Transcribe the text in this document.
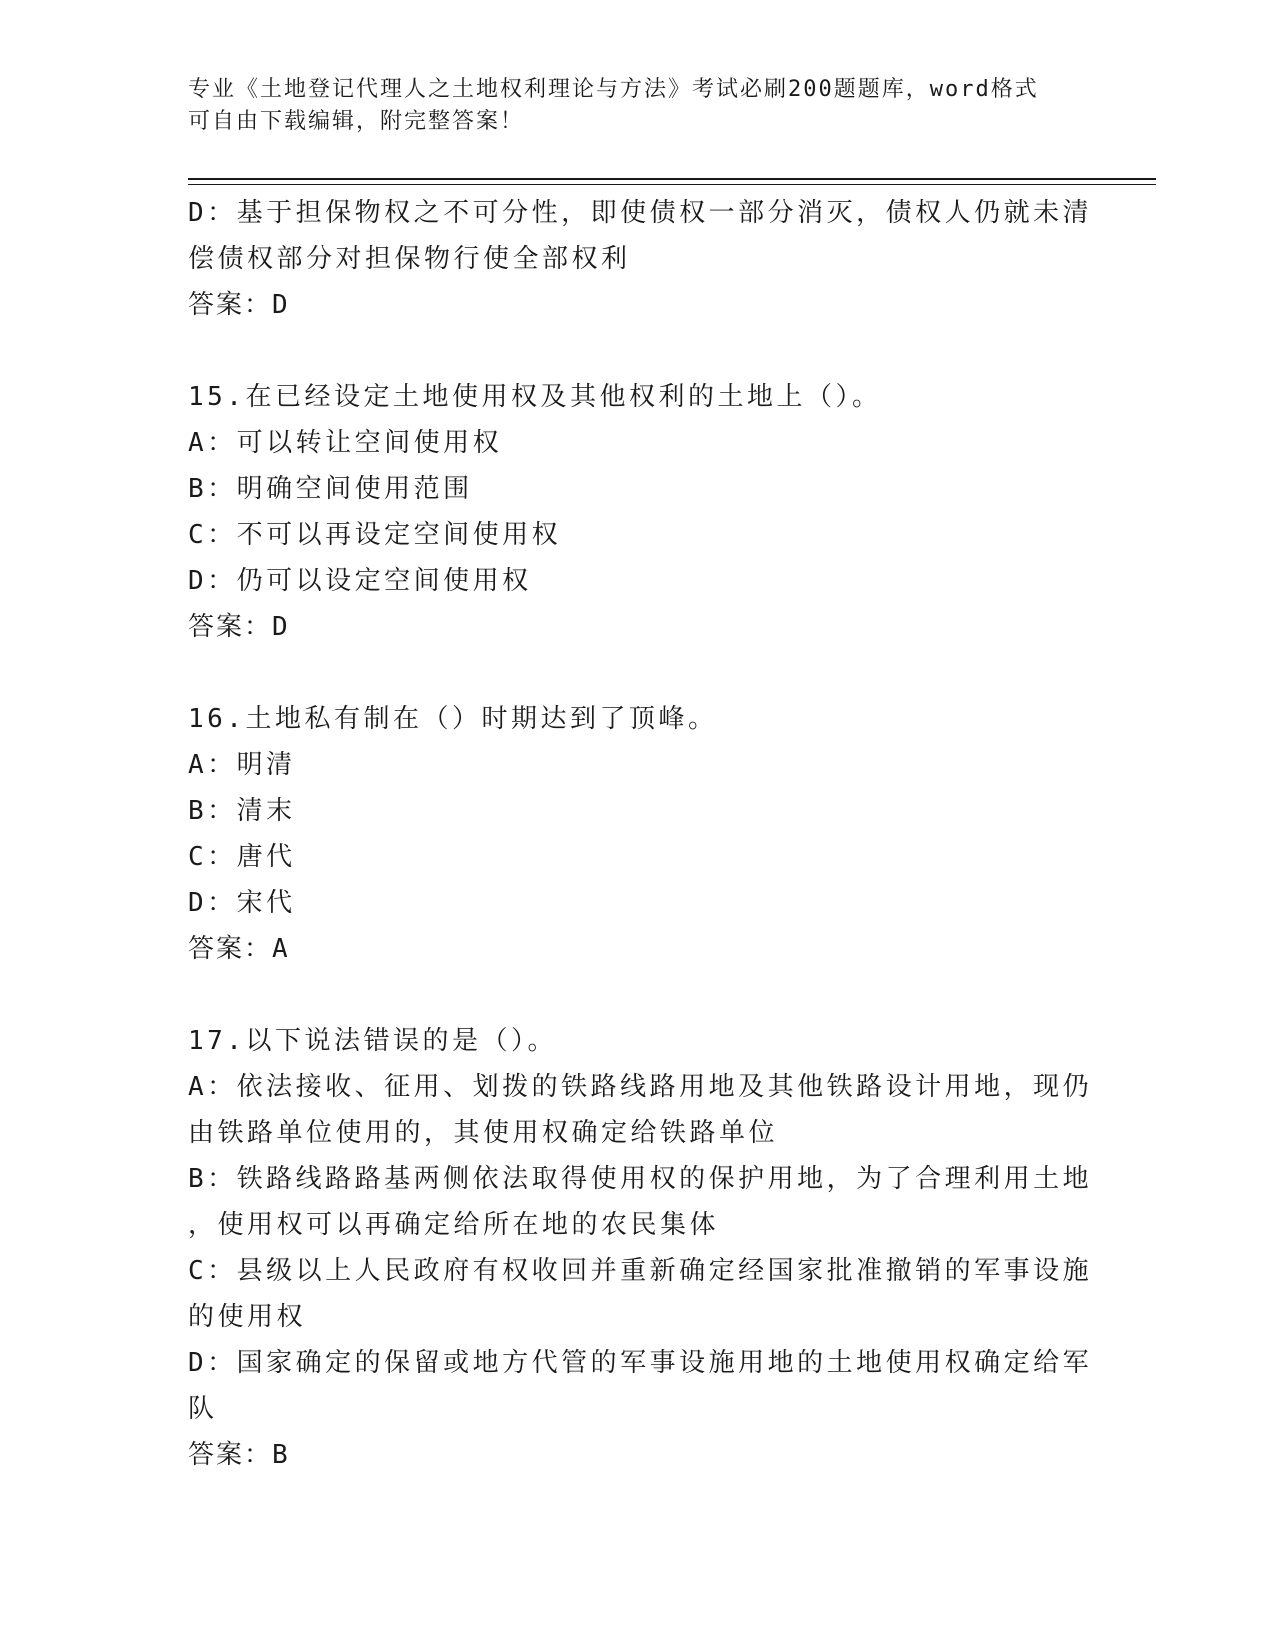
专业《土地登记代理人之土地权利理论与方法》考试必刷200题题库，word格式
可自由下载编辑，附完整答案！
D：基于担保物权之不可分性，即使债权一部分消灭，债权人仍就未清
偿债权部分对担保物行使全部权利
答案：D
15.在已经设定土地使用权及其他权利的土地上（）。
A：可以转让空间使用权
B：明确空间使用范围
C：不可以再设定空间使用权
D：仍可以设定空间使用权
答案：D
16.土地私有制在（）时期达到了顶峰。
A：明清
B：清末
C：唐代
D：宋代
答案：A
17.以下说法错误的是（）。
A：依法接收、征用、划拨的铁路线路用地及其他铁路设计用地，现仍
由铁路单位使用的，其使用权确定给铁路单位
B：铁路线路路基两侧依法取得使用权的保护用地，为了合理利用土地
，使用权可以再确定给所在地的农民集体
C：县级以上人民政府有权收回并重新确定经国家批准撤销的军事设施
的使用权
D：国家确定的保留或地方代管的军事设施用地的土地使用权确定给军
队
答案：B
